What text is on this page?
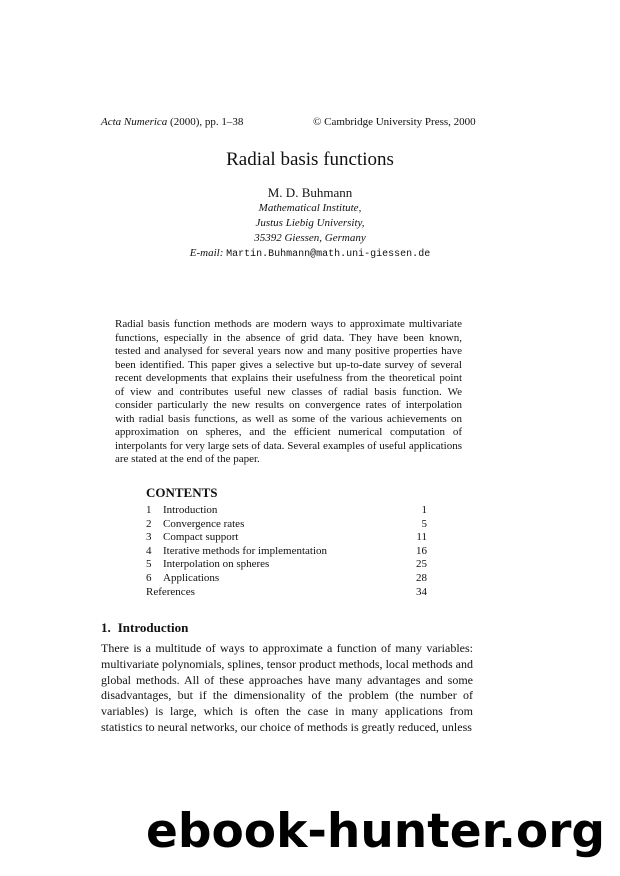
Acta Numerica (2000), pp. 1–38	© Cambridge University Press, 2000
Radial basis functions
M. D. Buhmann
Mathematical Institute,
Justus Liebig University,
35392 Giessen, Germany
E-mail: Martin.Buhmann@math.uni-giessen.de
Radial basis function methods are modern ways to approximate multivariate functions, especially in the absence of grid data. They have been known, tested and analysed for several years now and many positive properties have been identified. This paper gives a selective but up-to-date survey of several recent developments that explains their usefulness from the theoretical point of view and contributes useful new classes of radial basis function. We consider particularly the new results on convergence rates of interpolation with radial basis functions, as well as some of the various achievements on approximation on spheres, and the efficient numerical computation of interpolants for very large sets of data. Several examples of useful applications are stated at the end of the paper.
CONTENTS
1	Introduction	1
2	Convergence rates	5
3	Compact support	11
4	Iterative methods for implementation	16
5	Interpolation on spheres	25
6	Applications	28
References	34
1. Introduction
There is a multitude of ways to approximate a function of many variables: multivariate polynomials, splines, tensor product methods, local methods and global methods. All of these approaches have many advantages and some disadvantages, but if the dimensionality of the problem (the number of variables) is large, which is often the case in many applications from statistics to neural networks, our choice of methods is greatly reduced, unless
ebook-hunter.org
